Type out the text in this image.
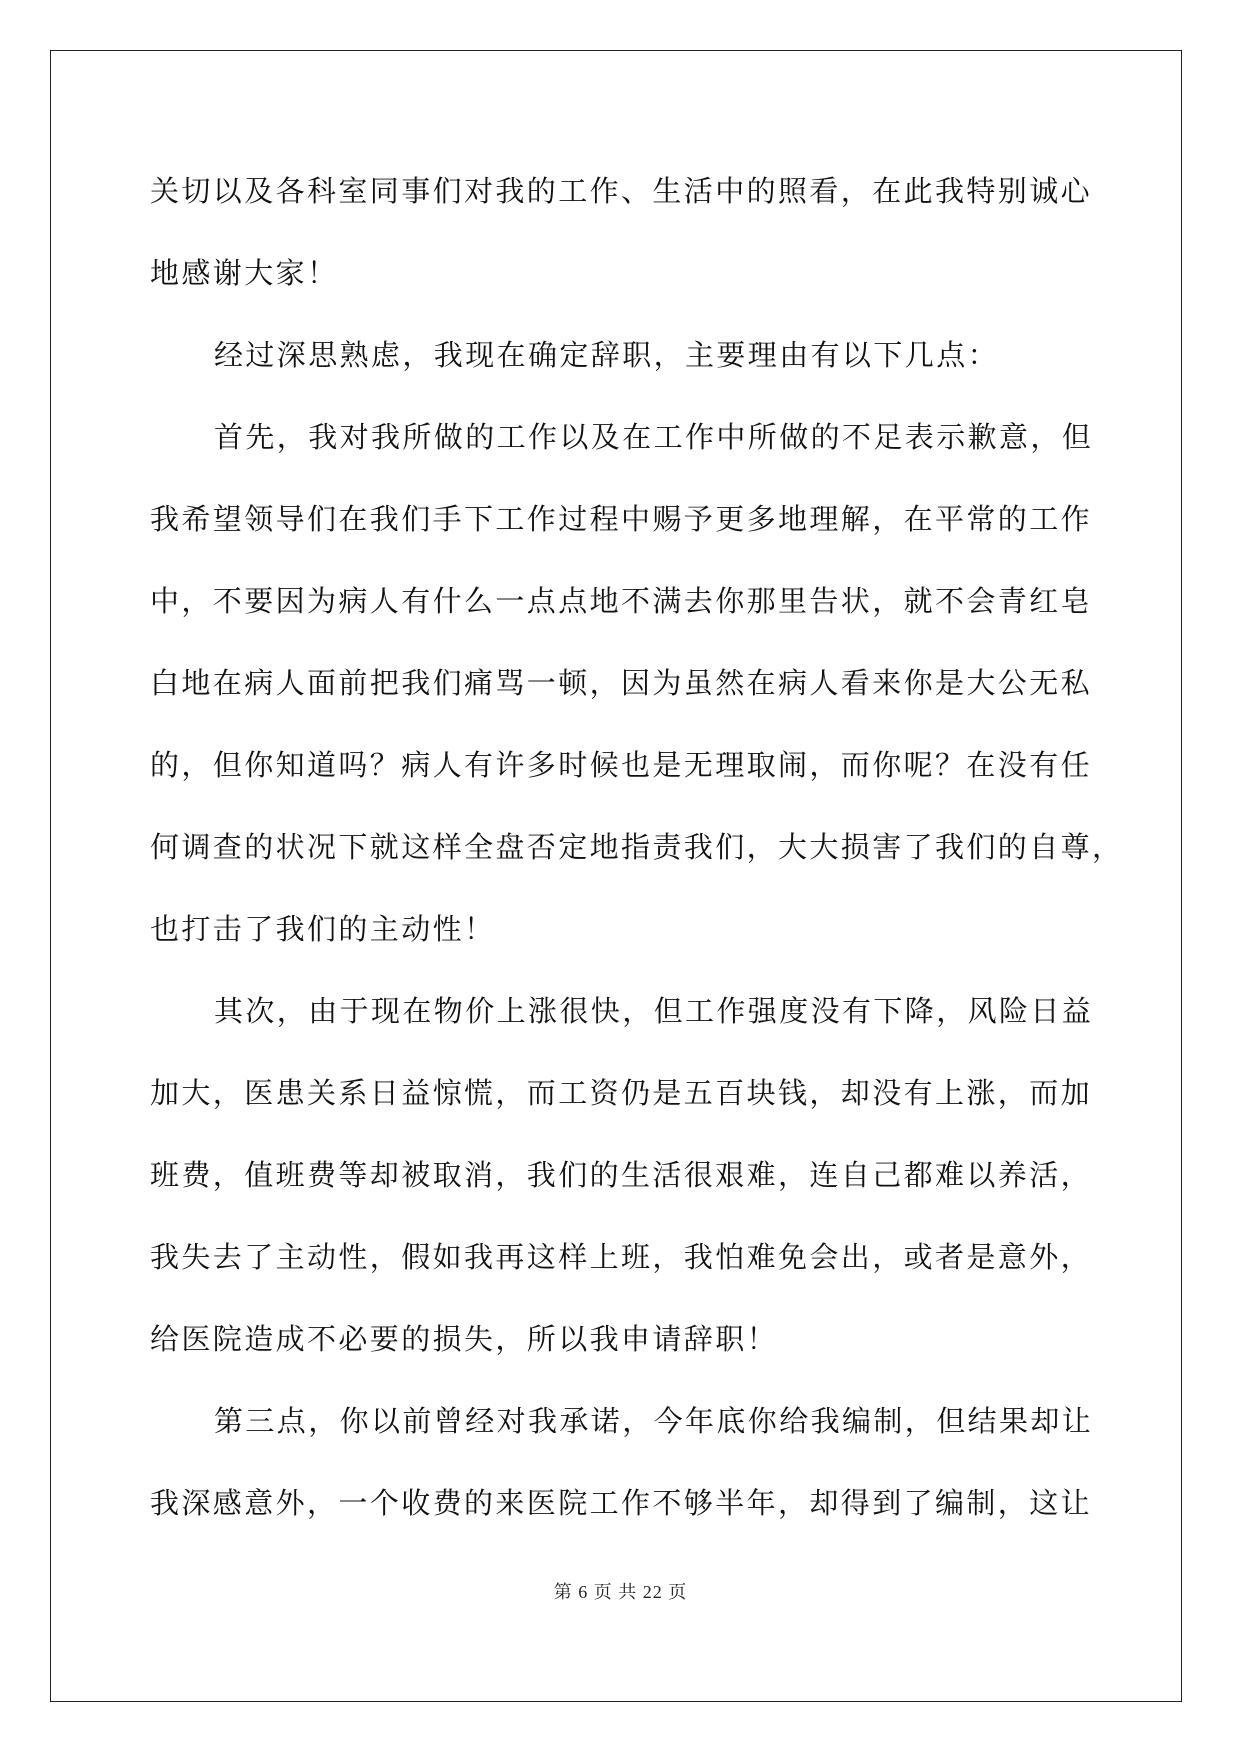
关切以及各科室同事们对我的工作、生活中的照看，在此我特别诚心
地感谢大家！
经过深思熟虑，我现在确定辞职，主要理由有以下几点：
首先，我对我所做的工作以及在工作中所做的不足表示歉意，但
我希望领导们在我们手下工作过程中赐予更多地理解，在平常的工作
中，不要因为病人有什么一点点地不满去你那里告状，就不会青红皂
白地在病人面前把我们痛骂一顿，因为虽然在病人看来你是大公无私
的，但你知道吗？病人有许多时候也是无理取闹，而你呢？在没有任
何调查的状况下就这样全盘否定地指责我们，大大损害了我们的自尊，
也打击了我们的主动性！
其次，由于现在物价上涨很快，但工作强度没有下降，风险日益
加大，医患关系日益惊慌，而工资仍是五百块钱，却没有上涨，而加
班费，值班费等却被取消，我们的生活很艰难，连自己都难以养活，
我失去了主动性，假如我再这样上班，我怕难免会出，或者是意外，
给医院造成不必要的损失，所以我申请辞职！
第三点，你以前曾经对我承诺，今年底你给我编制，但结果却让
我深感意外，一个收费的来医院工作不够半年，却得到了编制，这让
第 6 页 共 22 页
